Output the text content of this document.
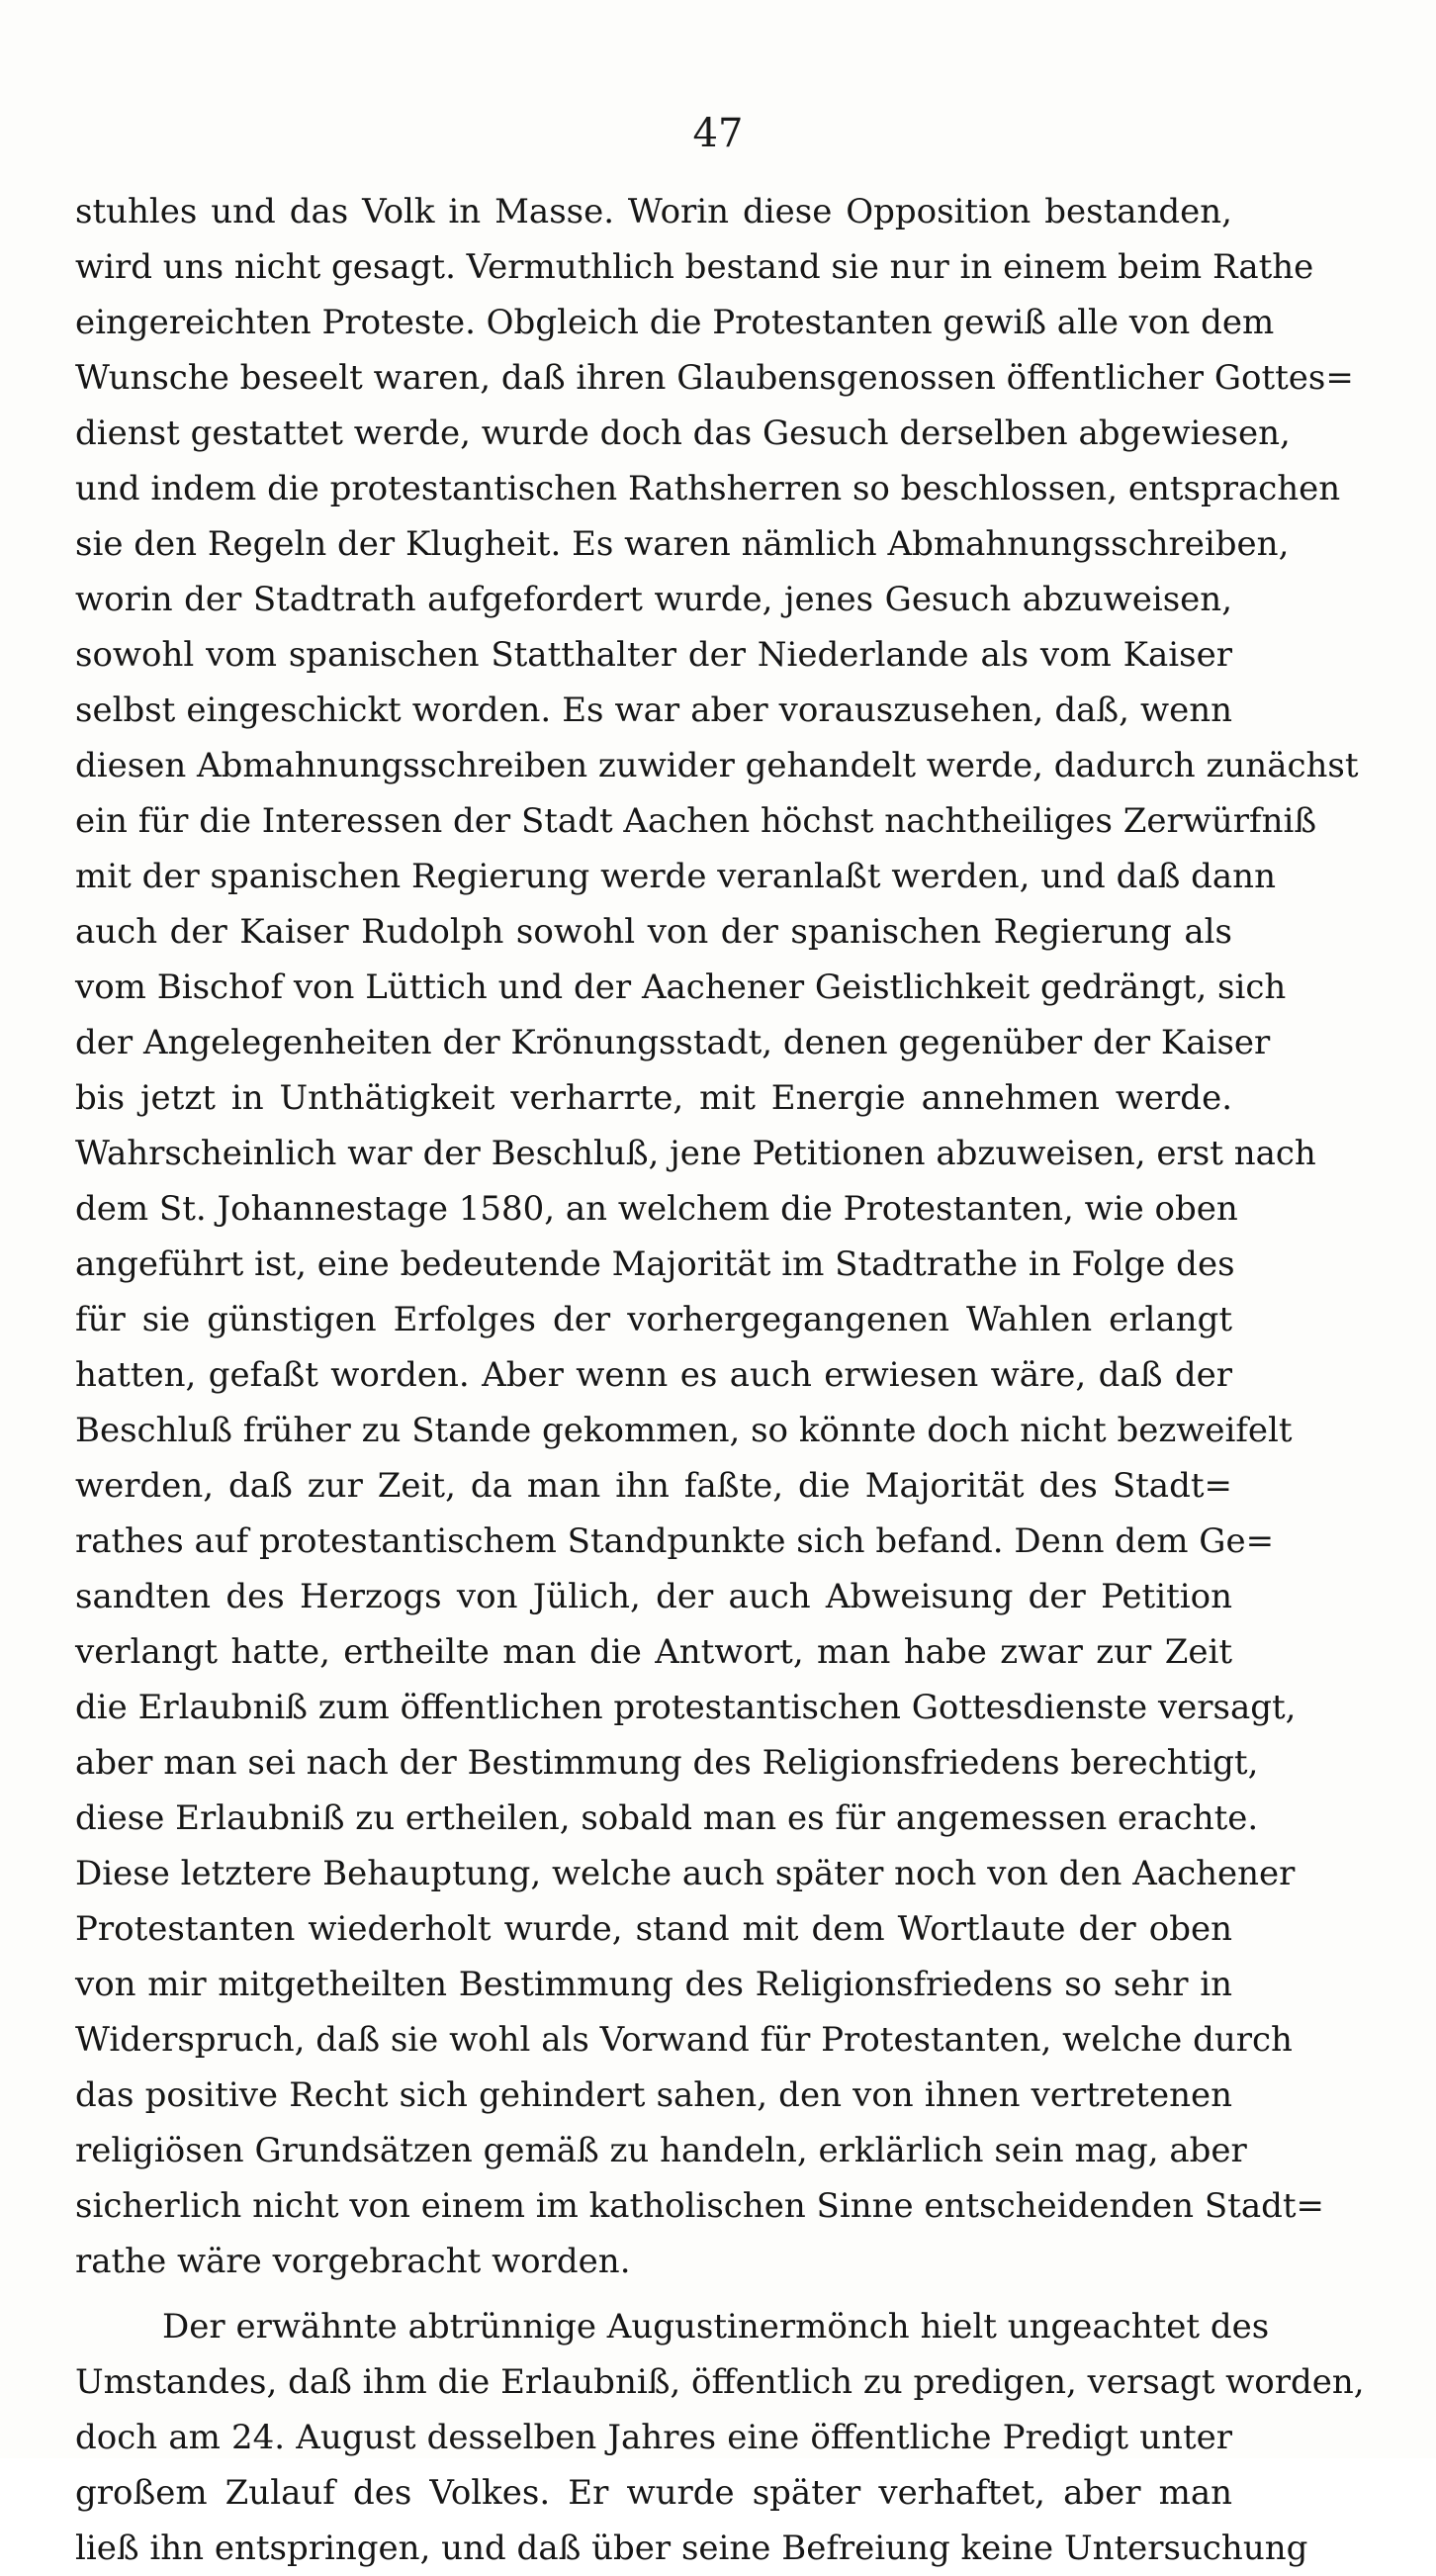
47
stuhles und das Volk in Masse. Worin diese Opposition bestanden,
wird uns nicht gesagt. Vermuthlich bestand sie nur in einem beim Rathe
eingereichten Proteste. Obgleich die Protestanten gewiß alle von dem
Wunsche beseelt waren, daß ihren Glaubensgenossen öffentlicher Gottes=
dienst gestattet werde, wurde doch das Gesuch derselben abgewiesen,
und indem die protestantischen Rathsherren so beschlossen, entsprachen
sie den Regeln der Klugheit. Es waren nämlich Abmahnungsschreiben,
worin der Stadtrath aufgefordert wurde, jenes Gesuch abzuweisen,
sowohl vom spanischen Statthalter der Niederlande als vom Kaiser
selbst eingeschickt worden. Es war aber vorauszusehen, daß, wenn
diesen Abmahnungsschreiben zuwider gehandelt werde, dadurch zunächst
ein für die Interessen der Stadt Aachen höchst nachtheiliges Zerwürfniß
mit der spanischen Regierung werde veranlaßt werden, und daß dann
auch der Kaiser Rudolph sowohl von der spanischen Regierung als
vom Bischof von Lüttich und der Aachener Geistlichkeit gedrängt, sich
der Angelegenheiten der Krönungsstadt, denen gegenüber der Kaiser
bis jetzt in Unthätigkeit verharrte, mit Energie annehmen werde.
Wahrscheinlich war der Beschluß, jene Petitionen abzuweisen, erst nach
dem St. Johannestage 1580, an welchem die Protestanten, wie oben
angeführt ist, eine bedeutende Majorität im Stadtrathe in Folge des
für sie günstigen Erfolges der vorhergegangenen Wahlen erlangt
hatten, gefaßt worden. Aber wenn es auch erwiesen wäre, daß der
Beschluß früher zu Stande gekommen, so könnte doch nicht bezweifelt
werden, daß zur Zeit, da man ihn faßte, die Majorität des Stadt=
rathes auf protestantischem Standpunkte sich befand. Denn dem Ge=
sandten des Herzogs von Jülich, der auch Abweisung der Petition
verlangt hatte, ertheilte man die Antwort, man habe zwar zur Zeit
die Erlaubniß zum öffentlichen protestantischen Gottesdienste versagt,
aber man sei nach der Bestimmung des Religionsfriedens berechtigt,
diese Erlaubniß zu ertheilen, sobald man es für angemessen erachte.
Diese letztere Behauptung, welche auch später noch von den Aachener
Protestanten wiederholt wurde, stand mit dem Wortlaute der oben
von mir mitgetheilten Bestimmung des Religionsfriedens so sehr in
Widerspruch, daß sie wohl als Vorwand für Protestanten, welche durch
das positive Recht sich gehindert sahen, den von ihnen vertretenen
religiösen Grundsätzen gemäß zu handeln, erklärlich sein mag, aber
sicherlich nicht von einem im katholischen Sinne entscheidenden Stadt=
rathe wäre vorgebracht worden.
Der erwähnte abtrünnige Augustinermönch hielt ungeachtet des
Umstandes, daß ihm die Erlaubniß, öffentlich zu predigen, versagt worden,
doch am 24. August desselben Jahres eine öffentliche Predigt unter
großem Zulauf des Volkes. Er wurde später verhaftet, aber man
ließ ihn entspringen, und daß über seine Befreiung keine Untersuchung
